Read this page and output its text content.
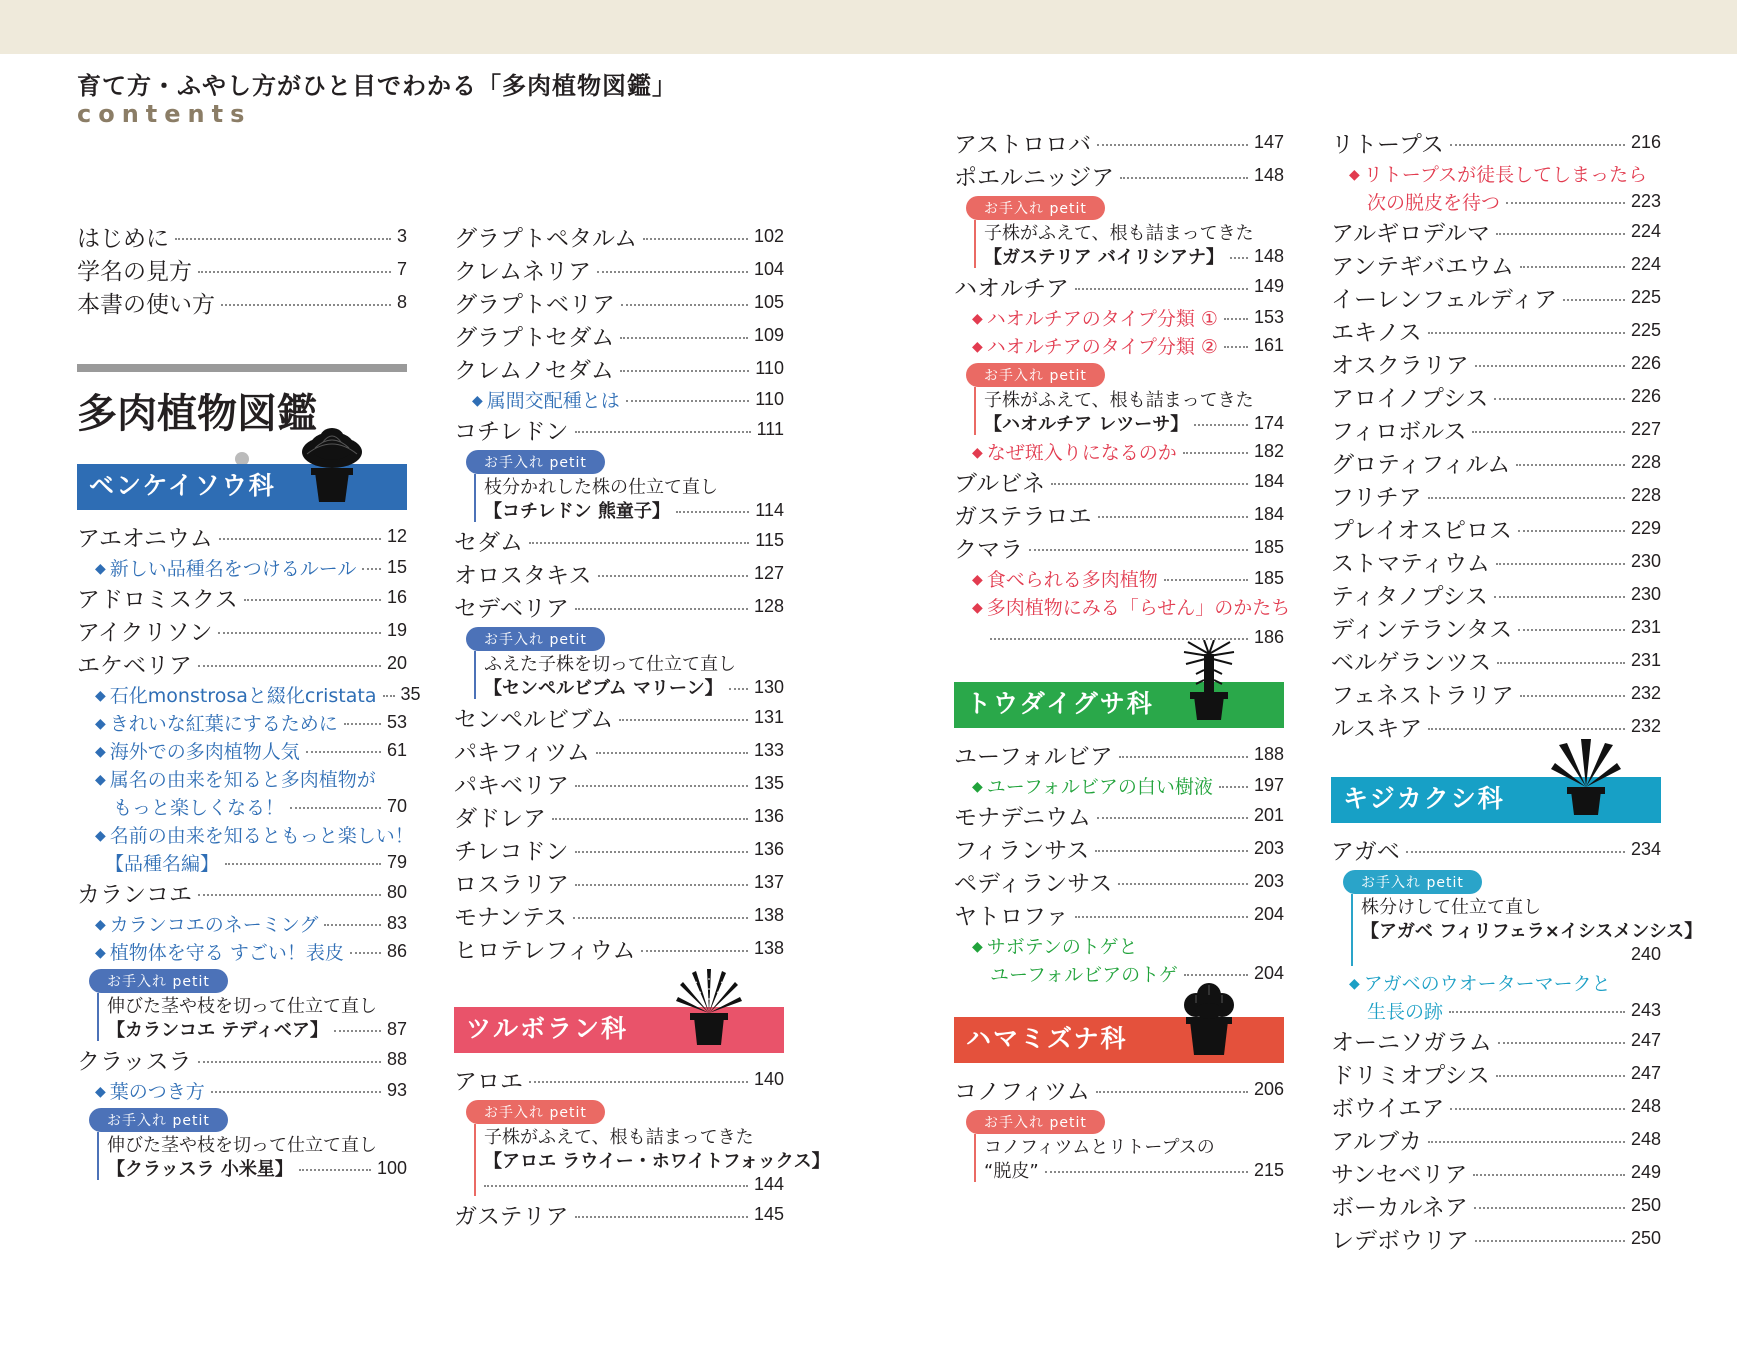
育て方・ふやし方がひと目でわかる「多肉植物図鑑」
contents
はじめに	3
学名の見方	7
本書の使い方	8
多肉植物図鑑
ベンケイソウ科
アエオニウム	12
◆ 新しい品種名をつけるルール 15
アドロミスクス	16
アイクリソン	19
エケベリア	20
◆ 石化monstrosaと綴化cristata 35
◆ きれいな紅葉にするために	53
◆ 海外での多肉植物人気	61
◆ 属名の由来を知ると多肉植物が
もっと楽しくなる！	70
◆ 名前の由来を知るともっと楽しい！
【品種名編】	79
カランコエ	80
◆ カランコエのネーミング	83
◆ 植物体を守る すごい！表皮 86
お手入れ petit
伸びた茎や枝を切って仕立て直し
【カランコエ テディベア】	87
クラッスラ	88
◆ 葉のつき方	93
お手入れ petit
伸びた茎や枝を切って仕立て直し
【クラッスラ 小米星】	100
グラプトペタルム	102
クレムネリア	104
グラプトベリア	105
グラプトセダム	109
クレムノセダム	110
◆ 属間交配種とは	110
コチレドン	111
お手入れ petit
枝分かれした株の仕立て直し
【コチレドン 熊童子】	114
セダム	115
オロスタキス	127
セデベリア	128
お手入れ petit
ふえた子株を切って仕立て直し
【センペルビブム マリーン】 130
センペルビブム	131
パキフィツム	133
パキベリア	135
ダドレア	136
チレコドン	136
ロスラリア	137
モナンテス	138
ヒロテレフィウム	138
ツルボラン科
アロエ	140
お手入れ petit
子株がふえて、根も詰まってきた
【アロエ ラウイー・ホワイトフォックス】
144
ガステリア	145
アストロロバ	147
ポエルニッジア	148
お手入れ petit
子株がふえて、根も詰まってきた
【ガステリア バイリシアナ】 148
ハオルチア	149
◆ ハオルチアのタイプ分類 ① 153
◆ ハオルチアのタイプ分類 ② 161
お手入れ petit
子株がふえて、根も詰まってきた
【ハオルチア レツーサ】	174
◆ なぜ斑入りになるのか	182
ブルビネ	184
ガステラロエ	184
クマラ	185
◆ 食べられる多肉植物	185
◆ 多肉植物にみる「らせん」のかたち
186
トウダイグサ科
ユーフォルビア	188
◆ ユーフォルビアの白い樹液 197
モナデニウム	201
フィランサス	203
ペディランサス	203
ヤトロファ	204
◆ サボテンのトゲと
ユーフォルビアのトゲ	204
ハマミズナ科
コノフィツム	206
お手入れ petit
コノフィツムとリトープスの
“脱皮”	215
リトープス	216
◆ リトープスが徒長してしまったら
次の脱皮を待つ	223
アルギロデルマ	224
アンテギバエウム	224
イーレンフェルディア	225
エキノス	225
オスクラリア	226
アロイノプシス	226
フィロボルス	227
グロティフィルム	228
フリチア	228
プレイオスピロス	229
ストマティウム	230
ティタノプシス	230
ディンテランタス	231
ベルゲランツス	231
フェネストラリア	232
ルスキア	232
キジカクシ科
アガベ	234
お手入れ petit
株分けして仕立て直し
【アガベ フィリフェラ×イシスメンシス】
240
◆ アガベのウオーターマークと
生長の跡	243
オーニソガラム	247
ドリミオプシス	247
ボウイエア	248
アルブカ	248
サンセベリア	249
ボーカルネア	250
レデボウリア	250
